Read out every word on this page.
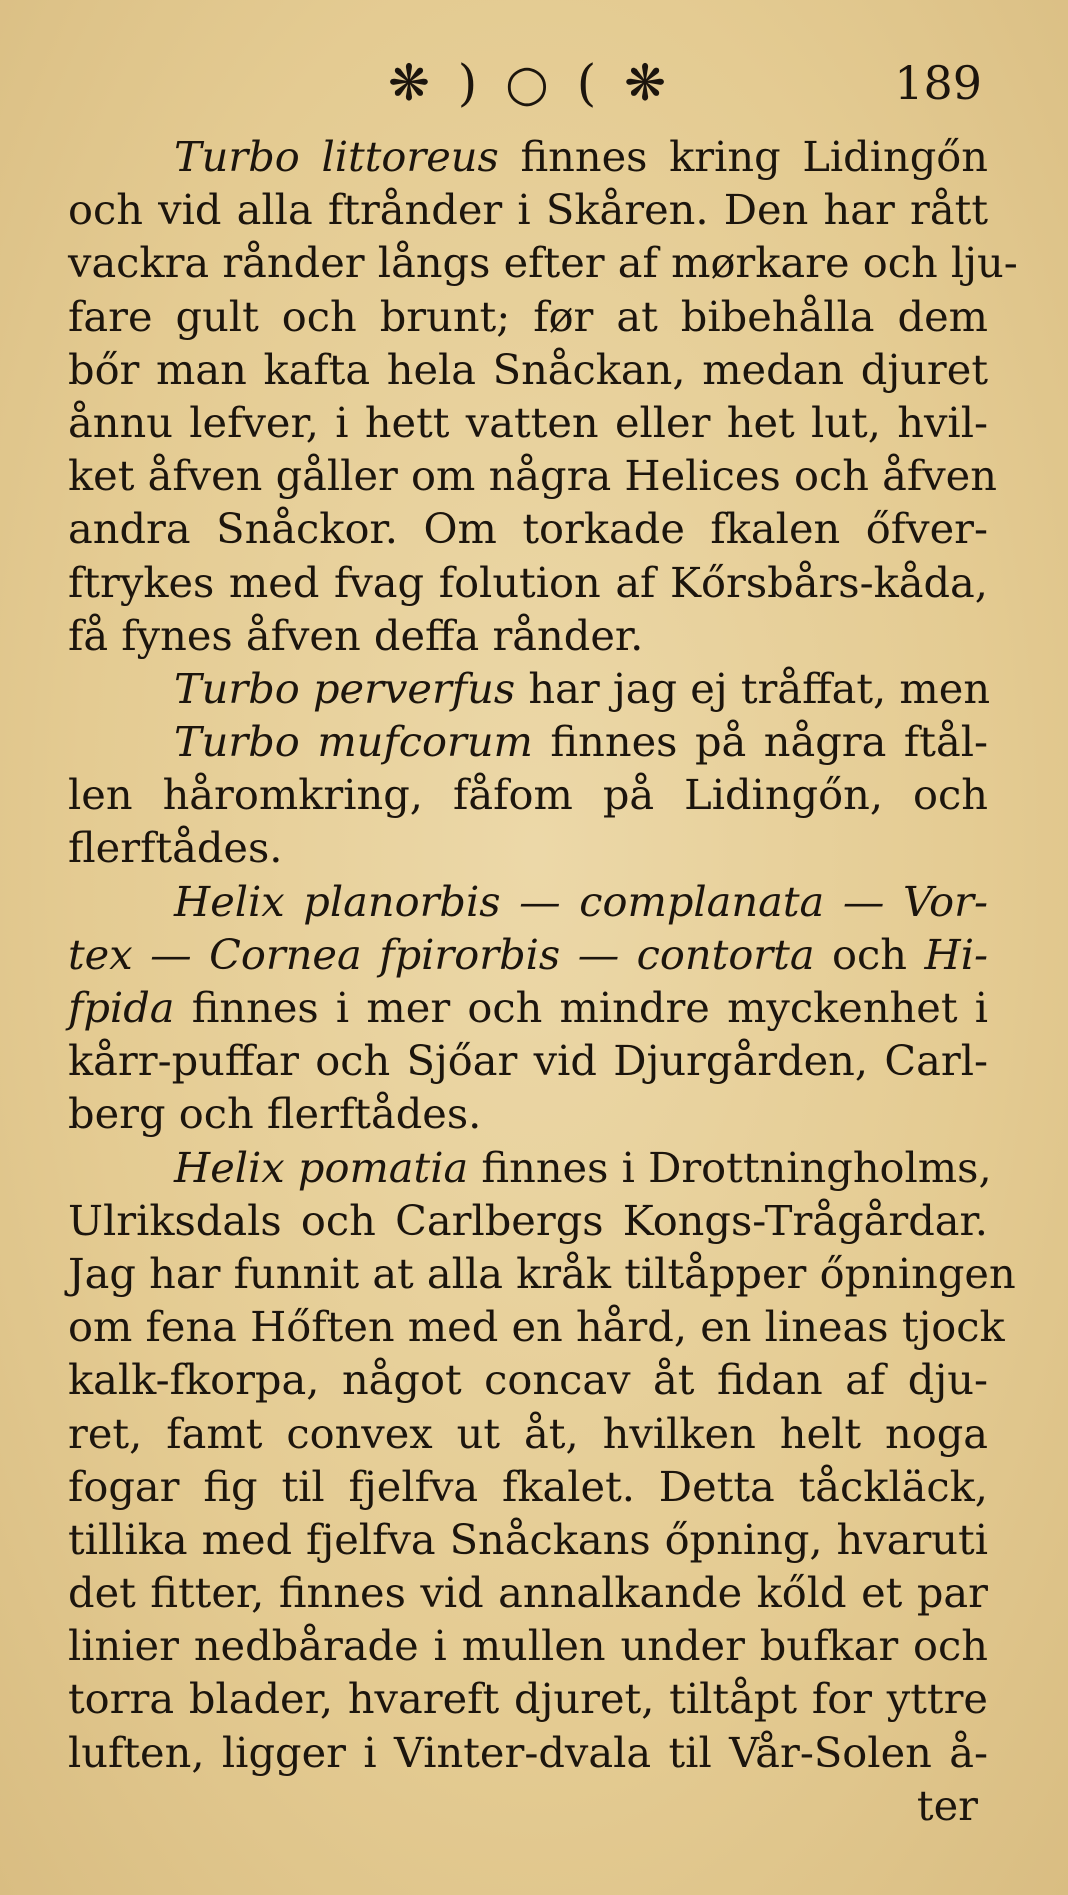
❋ ) ○ ( ❋	189
Turbo littoreus finnes kring Lidingőn
och vid alla ftrånder i Skåren. Den har rått
vackra rånder långs efter af mørkare och lju-
fare gult och brunt; før at bibehålla dem
bőr man kafta hela Snåckan, medan djuret
ånnu lefver, i hett vatten eller het lut, hvil-
ket åfven gåller om några Helices och åfven
andra Snåckor. Om torkade fkalen őfver-
ftrykes med fvag folution af Kőrsbårs-kåda,
få fynes åfven deffa rånder.
Turbo perverfus har jag ej tråffat, men
Turbo mufcorum finnes på några ftål-
len håromkring, fåfom på Lidingőn, och
flerftådes.
Helix planorbis — complanata — Vor-
tex — Cornea fpirorbis — contorta och Hi-
fpida finnes i mer och mindre myckenhet i
kårr-puffar och Sjőar vid Djurgården, Carl-
berg och flerftådes.
Helix pomatia finnes i Drottningholms,
Ulriksdals och Carlbergs Kongs-Trågårdar.
Jag har funnit at alla kråk tiltåpper őpningen
om fena Hőften med en hård, en lineas tjock
kalk-fkorpa, något concav åt fidan af dju-
ret, famt convex ut åt, hvilken helt noga
fogar fig til fjelfva fkalet. Detta tåckläck,
tillika med fjelfva Snåckans őpning, hvaruti
det fitter, finnes vid annalkande kőld et par
linier nedbårade i mullen under bufkar och
torra blader, hvareft djuret, tiltåpt for yttre
luften, ligger i Vinter-dvala til Vår-Solen å-
ter
